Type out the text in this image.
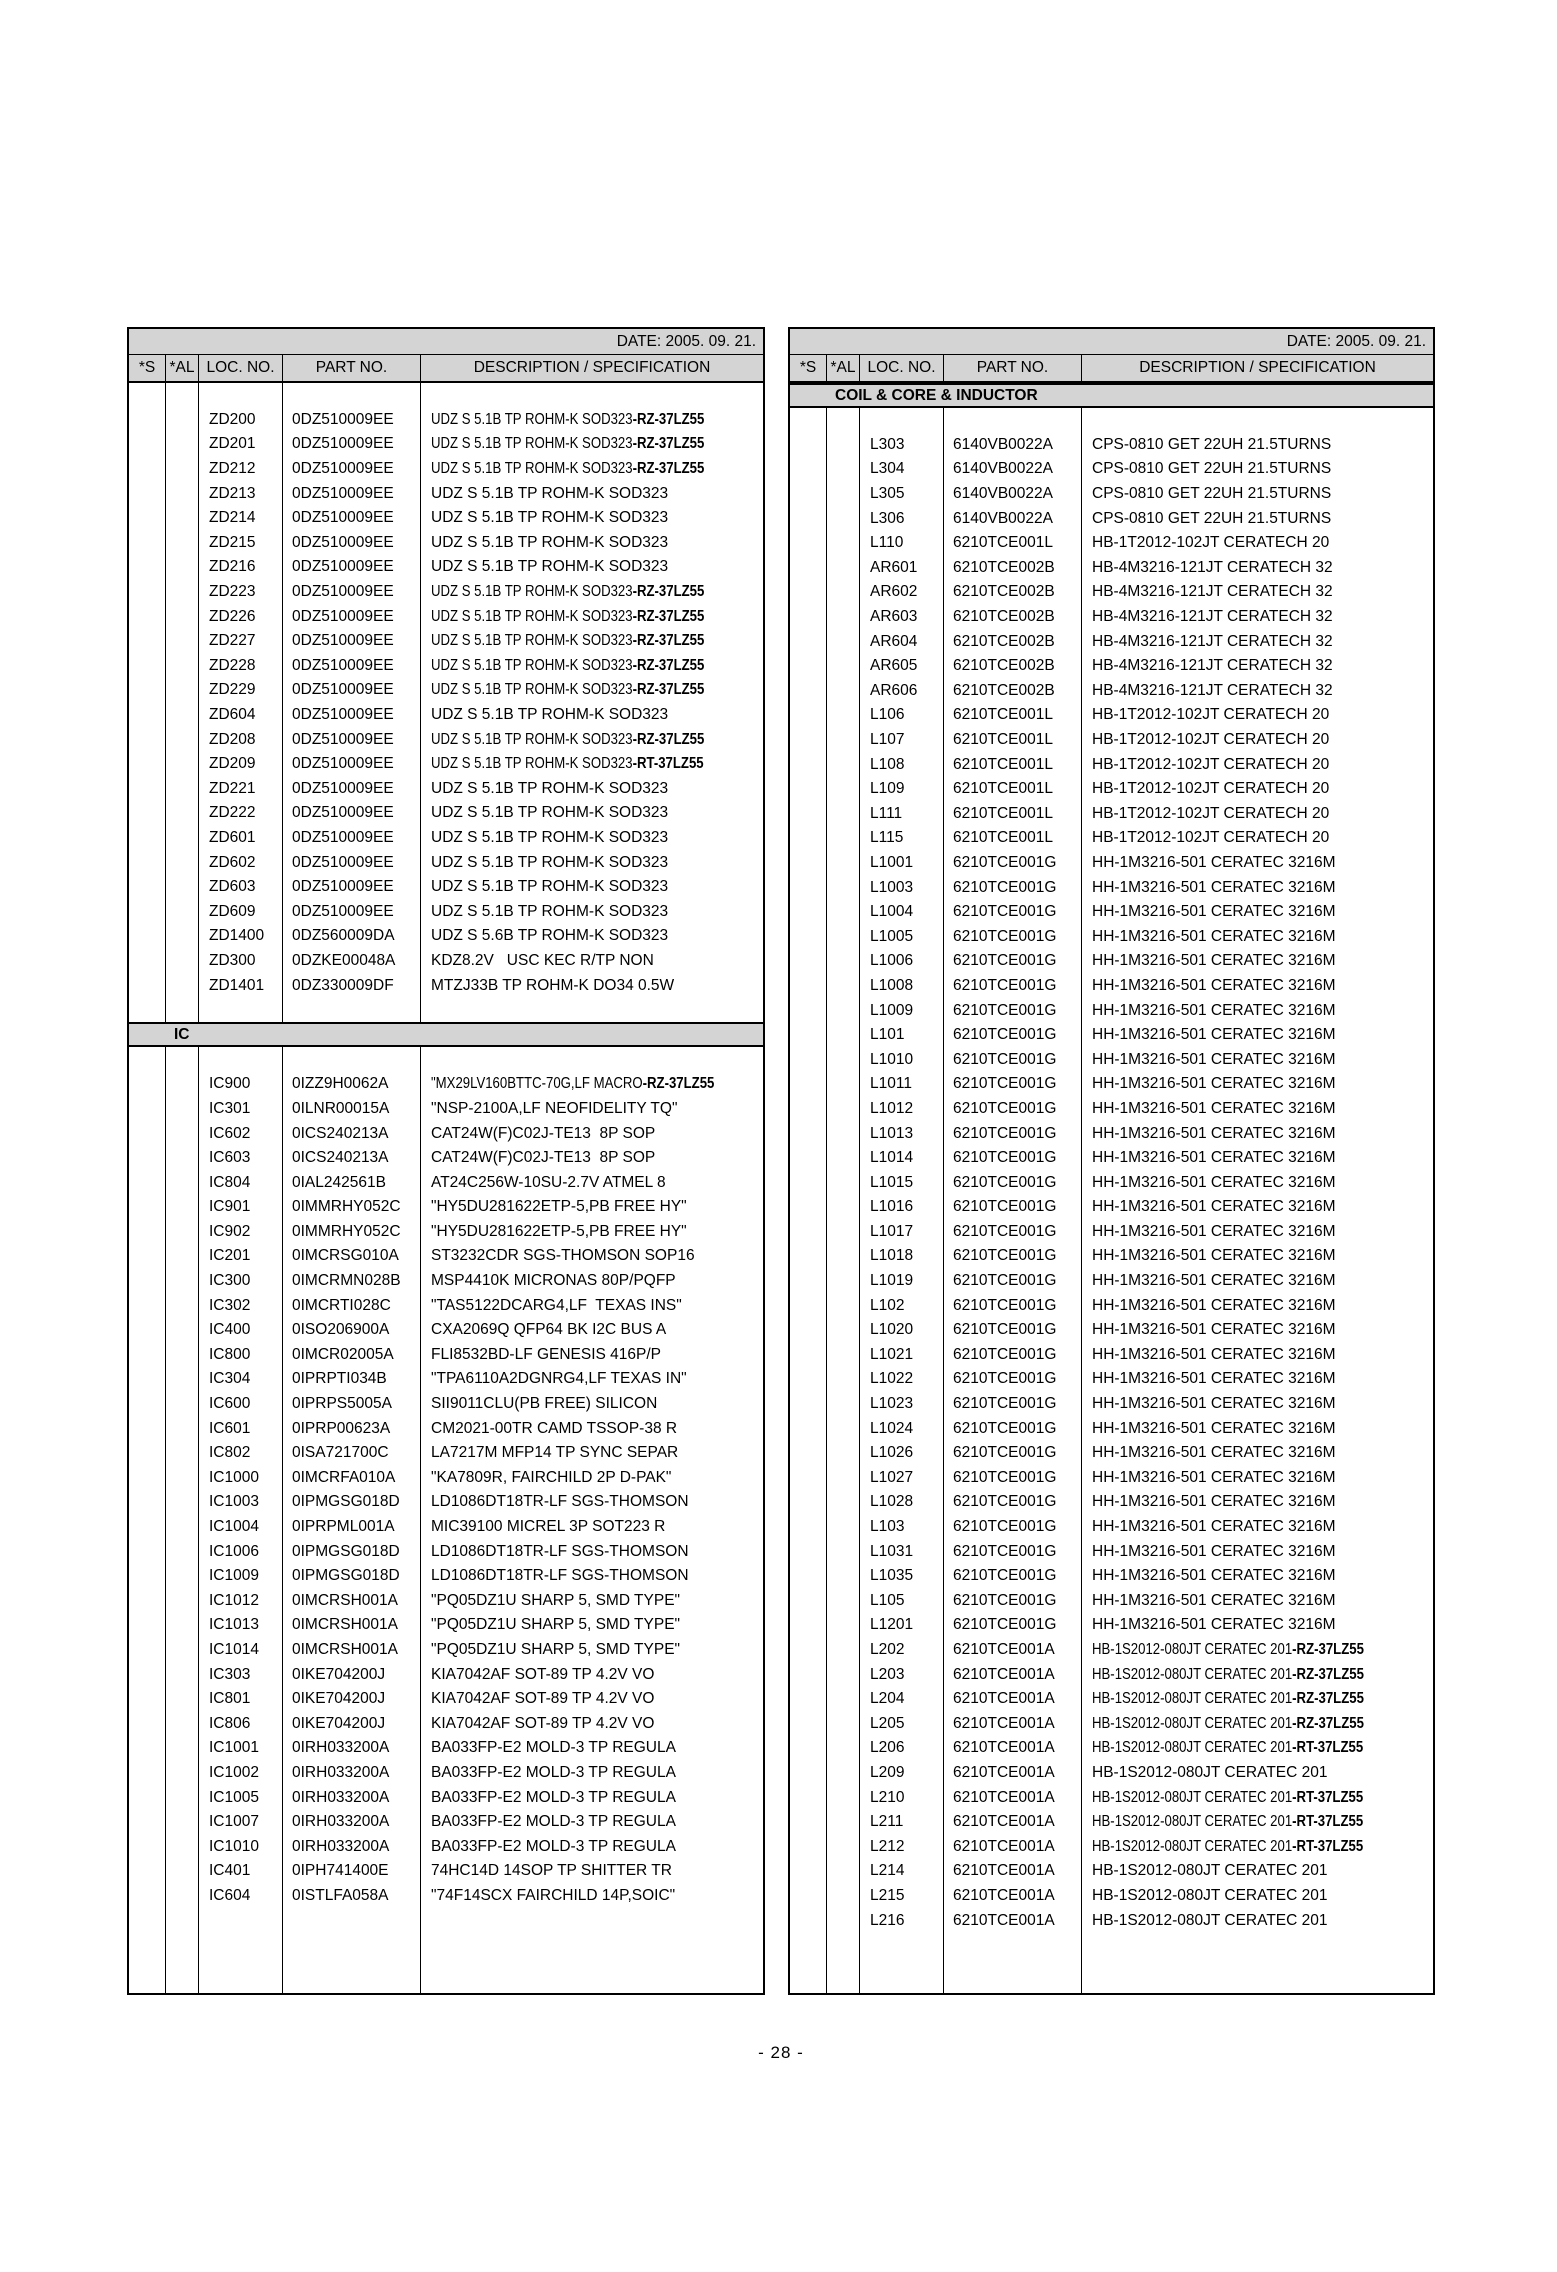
DATE: 2005. 09. 21.
*S *AL LOC. NO.	PART NO.	DESCRIPTION / SPECIFICATION
ZD200 0DZ510009EE UDZ S 5.1B TP ROHM-K SOD323-RZ-37LZ55
ZD201 0DZ510009EE UDZ S 5.1B TP ROHM-K SOD323-RZ-37LZ55
ZD212 0DZ510009EE UDZ S 5.1B TP ROHM-K SOD323-RZ-37LZ55
ZD213 0DZ510009EE UDZ S 5.1B TP ROHM-K SOD323
ZD214 0DZ510009EE UDZ S 5.1B TP ROHM-K SOD323
ZD215 0DZ510009EE UDZ S 5.1B TP ROHM-K SOD323
ZD216 0DZ510009EE UDZ S 5.1B TP ROHM-K SOD323
ZD223 0DZ510009EE UDZ S 5.1B TP ROHM-K SOD323-RZ-37LZ55
ZD226 0DZ510009EE UDZ S 5.1B TP ROHM-K SOD323-RZ-37LZ55
ZD227 0DZ510009EE UDZ S 5.1B TP ROHM-K SOD323-RZ-37LZ55
ZD228 0DZ510009EE UDZ S 5.1B TP ROHM-K SOD323-RZ-37LZ55
ZD229 0DZ510009EE UDZ S 5.1B TP ROHM-K SOD323-RZ-37LZ55
ZD604 0DZ510009EE UDZ S 5.1B TP ROHM-K SOD323
ZD208 0DZ510009EE UDZ S 5.1B TP ROHM-K SOD323-RZ-37LZ55
ZD209 0DZ510009EE UDZ S 5.1B TP ROHM-K SOD323-RT-37LZ55
ZD221 0DZ510009EE UDZ S 5.1B TP ROHM-K SOD323
ZD222 0DZ510009EE UDZ S 5.1B TP ROHM-K SOD323
ZD601 0DZ510009EE UDZ S 5.1B TP ROHM-K SOD323
ZD602 0DZ510009EE UDZ S 5.1B TP ROHM-K SOD323
ZD603 0DZ510009EE UDZ S 5.1B TP ROHM-K SOD323
ZD609 0DZ510009EE UDZ S 5.1B TP ROHM-K SOD323
ZD1400 0DZ560009DA UDZ S 5.6B TP ROHM-K SOD323
ZD300 0DZKE00048A KDZ8.2V   USC KEC R/TP NON
ZD1401 0DZ330009DF MTZJ33B TP ROHM-K DO34 0.5W
IC
IC900	0IZZ9H0062A	"MX29LV160BTTC-70G,LF MACRO-RZ-37LZ55
IC301	0ILNR00015A	"NSP-2100A,LF NEOFIDELITY TQ"
IC602	0ICS240213A	CAT24W(F)C02J-TE13  8P SOP
IC603	0ICS240213A	CAT24W(F)C02J-TE13  8P SOP
IC804	0IAL242561B	AT24C256W-10SU-2.7V ATMEL 8
IC901	0IMMRHY052C "HY5DU281622ETP-5,PB FREE HY"
IC902	0IMMRHY052C "HY5DU281622ETP-5,PB FREE HY"
IC201	0IMCRSG010A ST3232CDR SGS-THOMSON SOP16
IC300	0IMCRMN028B MSP4410K MICRONAS 80P/PQFP
IC302	0IMCRTI028C	"TAS5122DCARG4,LF  TEXAS INS"
IC400	0ISO206900A	CXA2069Q QFP64 BK I2C BUS A
IC800	0IMCR02005A FLI8532BD-LF GENESIS 416P/P
IC304	0IPRPTI034B	"TPA6110A2DGNRG4,LF TEXAS IN"
IC600	0IPRPS5005A	SII9011CLU(PB FREE) SILICON
IC601	0IPRP00623A	CM2021-00TR CAMD TSSOP-38 R
IC802	0ISA721700C	LA7217M MFP14 TP SYNC SEPAR
IC1000 0IMCRFA010A "KA7809R, FAIRCHILD 2P D-PAK"
IC1003 0IPMGSG018D LD1086DT18TR-LF SGS-THOMSON
IC1004 0IPRPML001A MIC39100 MICREL 3P SOT223 R
IC1006 0IPMGSG018D LD1086DT18TR-LF SGS-THOMSON
IC1009 0IPMGSG018D LD1086DT18TR-LF SGS-THOMSON
IC1012 0IMCRSH001A "PQ05DZ1U SHARP 5, SMD TYPE"
IC1013 0IMCRSH001A "PQ05DZ1U SHARP 5, SMD TYPE"
IC1014 0IMCRSH001A "PQ05DZ1U SHARP 5, SMD TYPE"
IC303	0IKE704200J	KIA7042AF SOT-89 TP 4.2V VO
IC801	0IKE704200J	KIA7042AF SOT-89 TP 4.2V VO
IC806	0IKE704200J	KIA7042AF SOT-89 TP 4.2V VO
IC1001 0IRH033200A	BA033FP-E2 MOLD-3 TP REGULA
IC1002 0IRH033200A	BA033FP-E2 MOLD-3 TP REGULA
IC1005 0IRH033200A	BA033FP-E2 MOLD-3 TP REGULA
IC1007 0IRH033200A	BA033FP-E2 MOLD-3 TP REGULA
IC1010 0IRH033200A	BA033FP-E2 MOLD-3 TP REGULA
IC401	0IPH741400E	74HC14D 14SOP TP SHITTER TR
IC604	0ISTLFA058A	"74F14SCX FAIRCHILD 14P,SOIC"
DATE: 2005. 09. 21.
*S *AL LOC. NO.	PART NO.	DESCRIPTION / SPECIFICATION
COIL & CORE & INDUCTOR
L303	6140VB0022A	CPS-0810 GET 22UH 21.5TURNS
L304	6140VB0022A	CPS-0810 GET 22UH 21.5TURNS
L305	6140VB0022A	CPS-0810 GET 22UH 21.5TURNS
L306	6140VB0022A	CPS-0810 GET 22UH 21.5TURNS
L110	6210TCE001L	HB-1T2012-102JT CERATECH 20
AR601 6210TCE002B HB-4M3216-121JT CERATECH 32
AR602 6210TCE002B HB-4M3216-121JT CERATECH 32
AR603 6210TCE002B HB-4M3216-121JT CERATECH 32
AR604 6210TCE002B HB-4M3216-121JT CERATECH 32
AR605 6210TCE002B HB-4M3216-121JT CERATECH 32
AR606 6210TCE002B HB-4M3216-121JT CERATECH 32
L106	6210TCE001L	HB-1T2012-102JT CERATECH 20
L107	6210TCE001L	HB-1T2012-102JT CERATECH 20
L108	6210TCE001L	HB-1T2012-102JT CERATECH 20
L109	6210TCE001L	HB-1T2012-102JT CERATECH 20
L111	6210TCE001L	HB-1T2012-102JT CERATECH 20
L115	6210TCE001L	HB-1T2012-102JT CERATECH 20
L1001	6210TCE001G HH-1M3216-501 CERATEC 3216M
L1003	6210TCE001G HH-1M3216-501 CERATEC 3216M
L1004	6210TCE001G HH-1M3216-501 CERATEC 3216M
L1005	6210TCE001G HH-1M3216-501 CERATEC 3216M
L1006	6210TCE001G HH-1M3216-501 CERATEC 3216M
L1008	6210TCE001G HH-1M3216-501 CERATEC 3216M
L1009	6210TCE001G HH-1M3216-501 CERATEC 3216M
L101	6210TCE001G HH-1M3216-501 CERATEC 3216M
L1010	6210TCE001G HH-1M3216-501 CERATEC 3216M
L1011	6210TCE001G HH-1M3216-501 CERATEC 3216M
L1012	6210TCE001G HH-1M3216-501 CERATEC 3216M
L1013	6210TCE001G HH-1M3216-501 CERATEC 3216M
L1014	6210TCE001G HH-1M3216-501 CERATEC 3216M
L1015	6210TCE001G HH-1M3216-501 CERATEC 3216M
L1016	6210TCE001G HH-1M3216-501 CERATEC 3216M
L1017	6210TCE001G HH-1M3216-501 CERATEC 3216M
L1018	6210TCE001G HH-1M3216-501 CERATEC 3216M
L1019	6210TCE001G HH-1M3216-501 CERATEC 3216M
L102	6210TCE001G HH-1M3216-501 CERATEC 3216M
L1020	6210TCE001G HH-1M3216-501 CERATEC 3216M
L1021	6210TCE001G HH-1M3216-501 CERATEC 3216M
L1022	6210TCE001G HH-1M3216-501 CERATEC 3216M
L1023	6210TCE001G HH-1M3216-501 CERATEC 3216M
L1024	6210TCE001G HH-1M3216-501 CERATEC 3216M
L1026	6210TCE001G HH-1M3216-501 CERATEC 3216M
L1027	6210TCE001G HH-1M3216-501 CERATEC 3216M
L1028	6210TCE001G HH-1M3216-501 CERATEC 3216M
L103	6210TCE001G HH-1M3216-501 CERATEC 3216M
L1031	6210TCE001G HH-1M3216-501 CERATEC 3216M
L1035	6210TCE001G HH-1M3216-501 CERATEC 3216M
L105	6210TCE001G HH-1M3216-501 CERATEC 3216M
L1201	6210TCE001G HH-1M3216-501 CERATEC 3216M
L202	6210TCE001A HB-1S2012-080JT CERATEC 201-RZ-37LZ55
L203	6210TCE001A HB-1S2012-080JT CERATEC 201-RZ-37LZ55
L204	6210TCE001A HB-1S2012-080JT CERATEC 201-RZ-37LZ55
L205	6210TCE001A HB-1S2012-080JT CERATEC 201-RZ-37LZ55
L206	6210TCE001A HB-1S2012-080JT CERATEC 201-RT-37LZ55
L209	6210TCE001A HB-1S2012-080JT CERATEC 201
L210	6210TCE001A HB-1S2012-080JT CERATEC 201-RT-37LZ55
L211	6210TCE001A HB-1S2012-080JT CERATEC 201-RT-37LZ55
L212	6210TCE001A HB-1S2012-080JT CERATEC 201-RT-37LZ55
L214	6210TCE001A HB-1S2012-080JT CERATEC 201
L215	6210TCE001A HB-1S2012-080JT CERATEC 201
L216	6210TCE001A HB-1S2012-080JT CERATEC 201
- 28 -
